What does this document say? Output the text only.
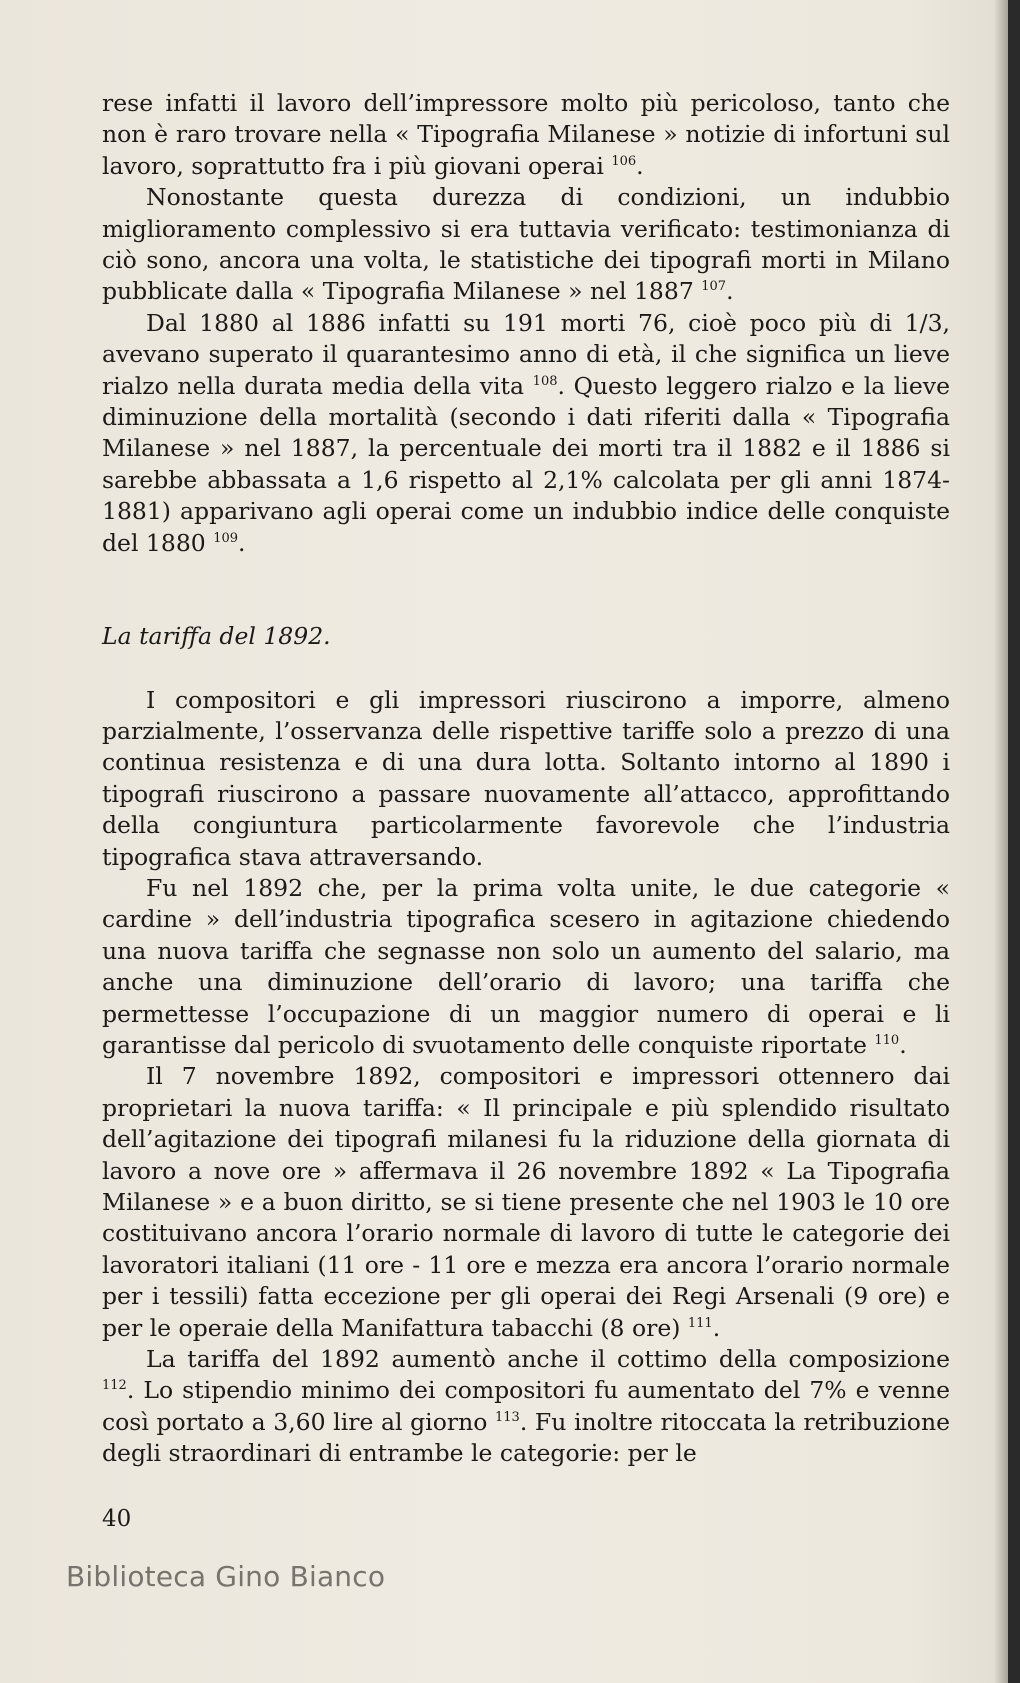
rese infatti il lavoro dell’impressore molto più pericoloso, tanto che non è raro trovare nella « Tipografia Milanese » notizie di infortuni sul lavoro, soprattutto fra i più giovani operai $^{106}$.

Nonostante questa durezza di condizioni, un indubbio miglioramento complessivo si era tuttavia verificato: testimonianza di ciò sono, ancora una volta, le statistiche dei tipografi morti in Milano pubblicate dalla « Tipografia Milanese » nel 1887 $^{107}$.

Dal 1880 al 1886 infatti su 191 morti 76, cioè poco più di 1/3, avevano superato il quarantesimo anno di età, il che significa un lieve rialzo nella durata media della vita $^{108}$. Questo leggero rialzo e la lieve diminuzione della mortalità (secondo i dati riferiti dalla « Tipografia Milanese » nel 1887, la percentuale dei morti tra il 1882 e il 1886 si sarebbe abbassata a 1,6 rispetto al 2,1% calcolata per gli anni 1874-1881) apparivano agli operai come un indubbio indice delle conquiste del 1880 $^{109}$.

La tariffa del 1892.

I compositori e gli impressori riuscirono a imporre, almeno parzialmente, l’osservanza delle rispettive tariffe solo a prezzo di una continua resistenza e di una dura lotta. Soltanto intorno al 1890 i tipografi riuscirono a passare nuovamente all’attacco, approfittando della congiuntura particolarmente favorevole che l’industria tipografica stava attraversando.

Fu nel 1892 che, per la prima volta unite, le due categorie « cardine » dell’industria tipografica scesero in agitazione chiedendo una nuova tariffa che segnasse non solo un aumento del salario, ma anche una diminuzione dell’orario di lavoro; una tariffa che permettesse l’occupazione di un maggior numero di operai e li garantisse dal pericolo di svuotamento delle conquiste riportate $^{110}$.

Il 7 novembre 1892, compositori e impressori ottennero dai proprietari la nuova tariffa: « Il principale e più splendido risultato dell’agitazione dei tipografi milanesi fu la riduzione della giornata di lavoro a nove ore » affermava il 26 novembre 1892 « La Tipografia Milanese » e a buon diritto, se si tiene presente che nel 1903 le 10 ore costituivano ancora l’orario normale di lavoro di tutte le categorie dei lavoratori italiani (11 ore - 11 ore e mezza era ancora l’orario normale per i tessili) fatta eccezione per gli operai dei Regi Arsenali (9 ore) e per le operaie della Manifattura tabacchi (8 ore) $^{111}$.

La tariffa del 1892 aumentò anche il cottimo della composizione $^{112}$. Lo stipendio minimo dei compositori fu aumentato del 7% e venne così portato a 3,60 lire al giorno $^{113}$. Fu inoltre ritoccata la retribuzione degli straordinari di entrambe le categorie: per le

40
Biblioteca Gino Bianco
